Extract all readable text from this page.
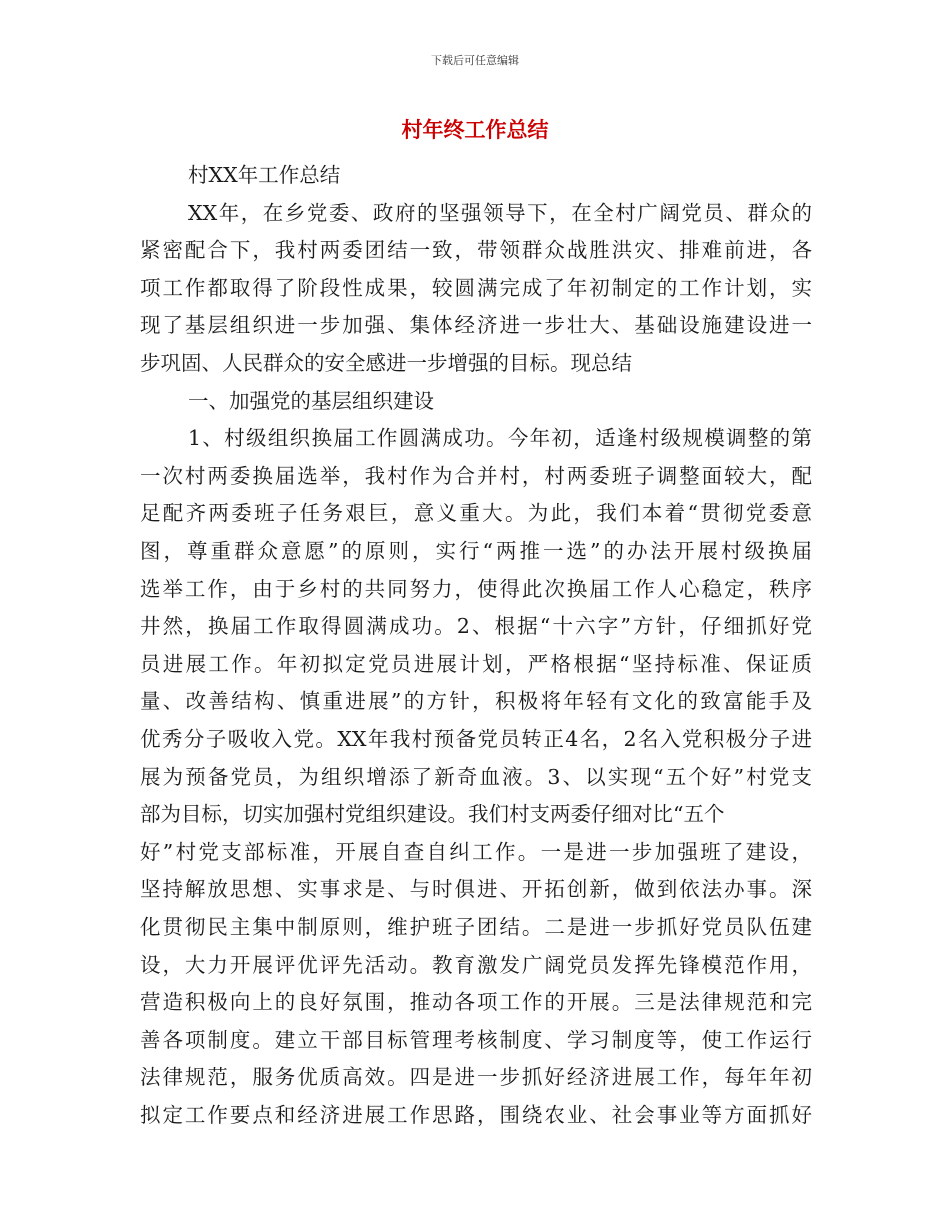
下载后可任意编辑
村年终工作总结
村XX年工作总结
XX年，在乡党委、政府的坚强领导下，在全村广阔党员、群众的
紧密配合下，我村两委团结一致，带领群众战胜洪灾、排难前进，各
项工作都取得了阶段性成果，较圆满完成了年初制定的工作计划，实
现了基层组织进一步加强、集体经济进一步壮大、基础设施建设进一
步巩固、人民群众的安全感进一步增强的目标。现总结
一、加强党的基层组织建设
1、村级组织换届工作圆满成功。今年初，适逢村级规模调整的第
一次村两委换届选举，我村作为合并村，村两委班子调整面较大，配
足配齐两委班子任务艰巨，意义重大。为此，我们本着“贯彻党委意
图，尊重群众意愿”的原则，实行“两推一选”的办法开展村级换届
选举工作，由于乡村的共同努力，使得此次换届工作人心稳定，秩序
井然，换届工作取得圆满成功。2、根据“十六字”方针，仔细抓好党
员进展工作。年初拟定党员进展计划，严格根据“坚持标准、保证质
量、改善结构、慎重进展”的方针，积极将年轻有文化的致富能手及
优秀分子吸收入党。XX年我村预备党员转正4名，2名入党积极分子进
展为预备党员，为组织增添了新奇血液。3、以实现“五个好”村党支
部为目标，切实加强村党组织建设。我们村支两委仔细对比“五个
好”村党支部标准，开展自查自纠工作。一是进一步加强班了建设，
坚持解放思想、实事求是、与时俱进、开拓创新，做到依法办事。深
化贯彻民主集中制原则，维护班子团结。二是进一步抓好党员队伍建
设，大力开展评优评先活动。教育激发广阔党员发挥先锋模范作用，
营造积极向上的良好氛围，推动各项工作的开展。三是法律规范和完
善各项制度。建立干部目标管理考核制度、学习制度等，使工作运行
法律规范，服务优质高效。四是进一步抓好经济进展工作，每年年初
拟定工作要点和经济进展工作思路，围绕农业、社会事业等方面抓好
